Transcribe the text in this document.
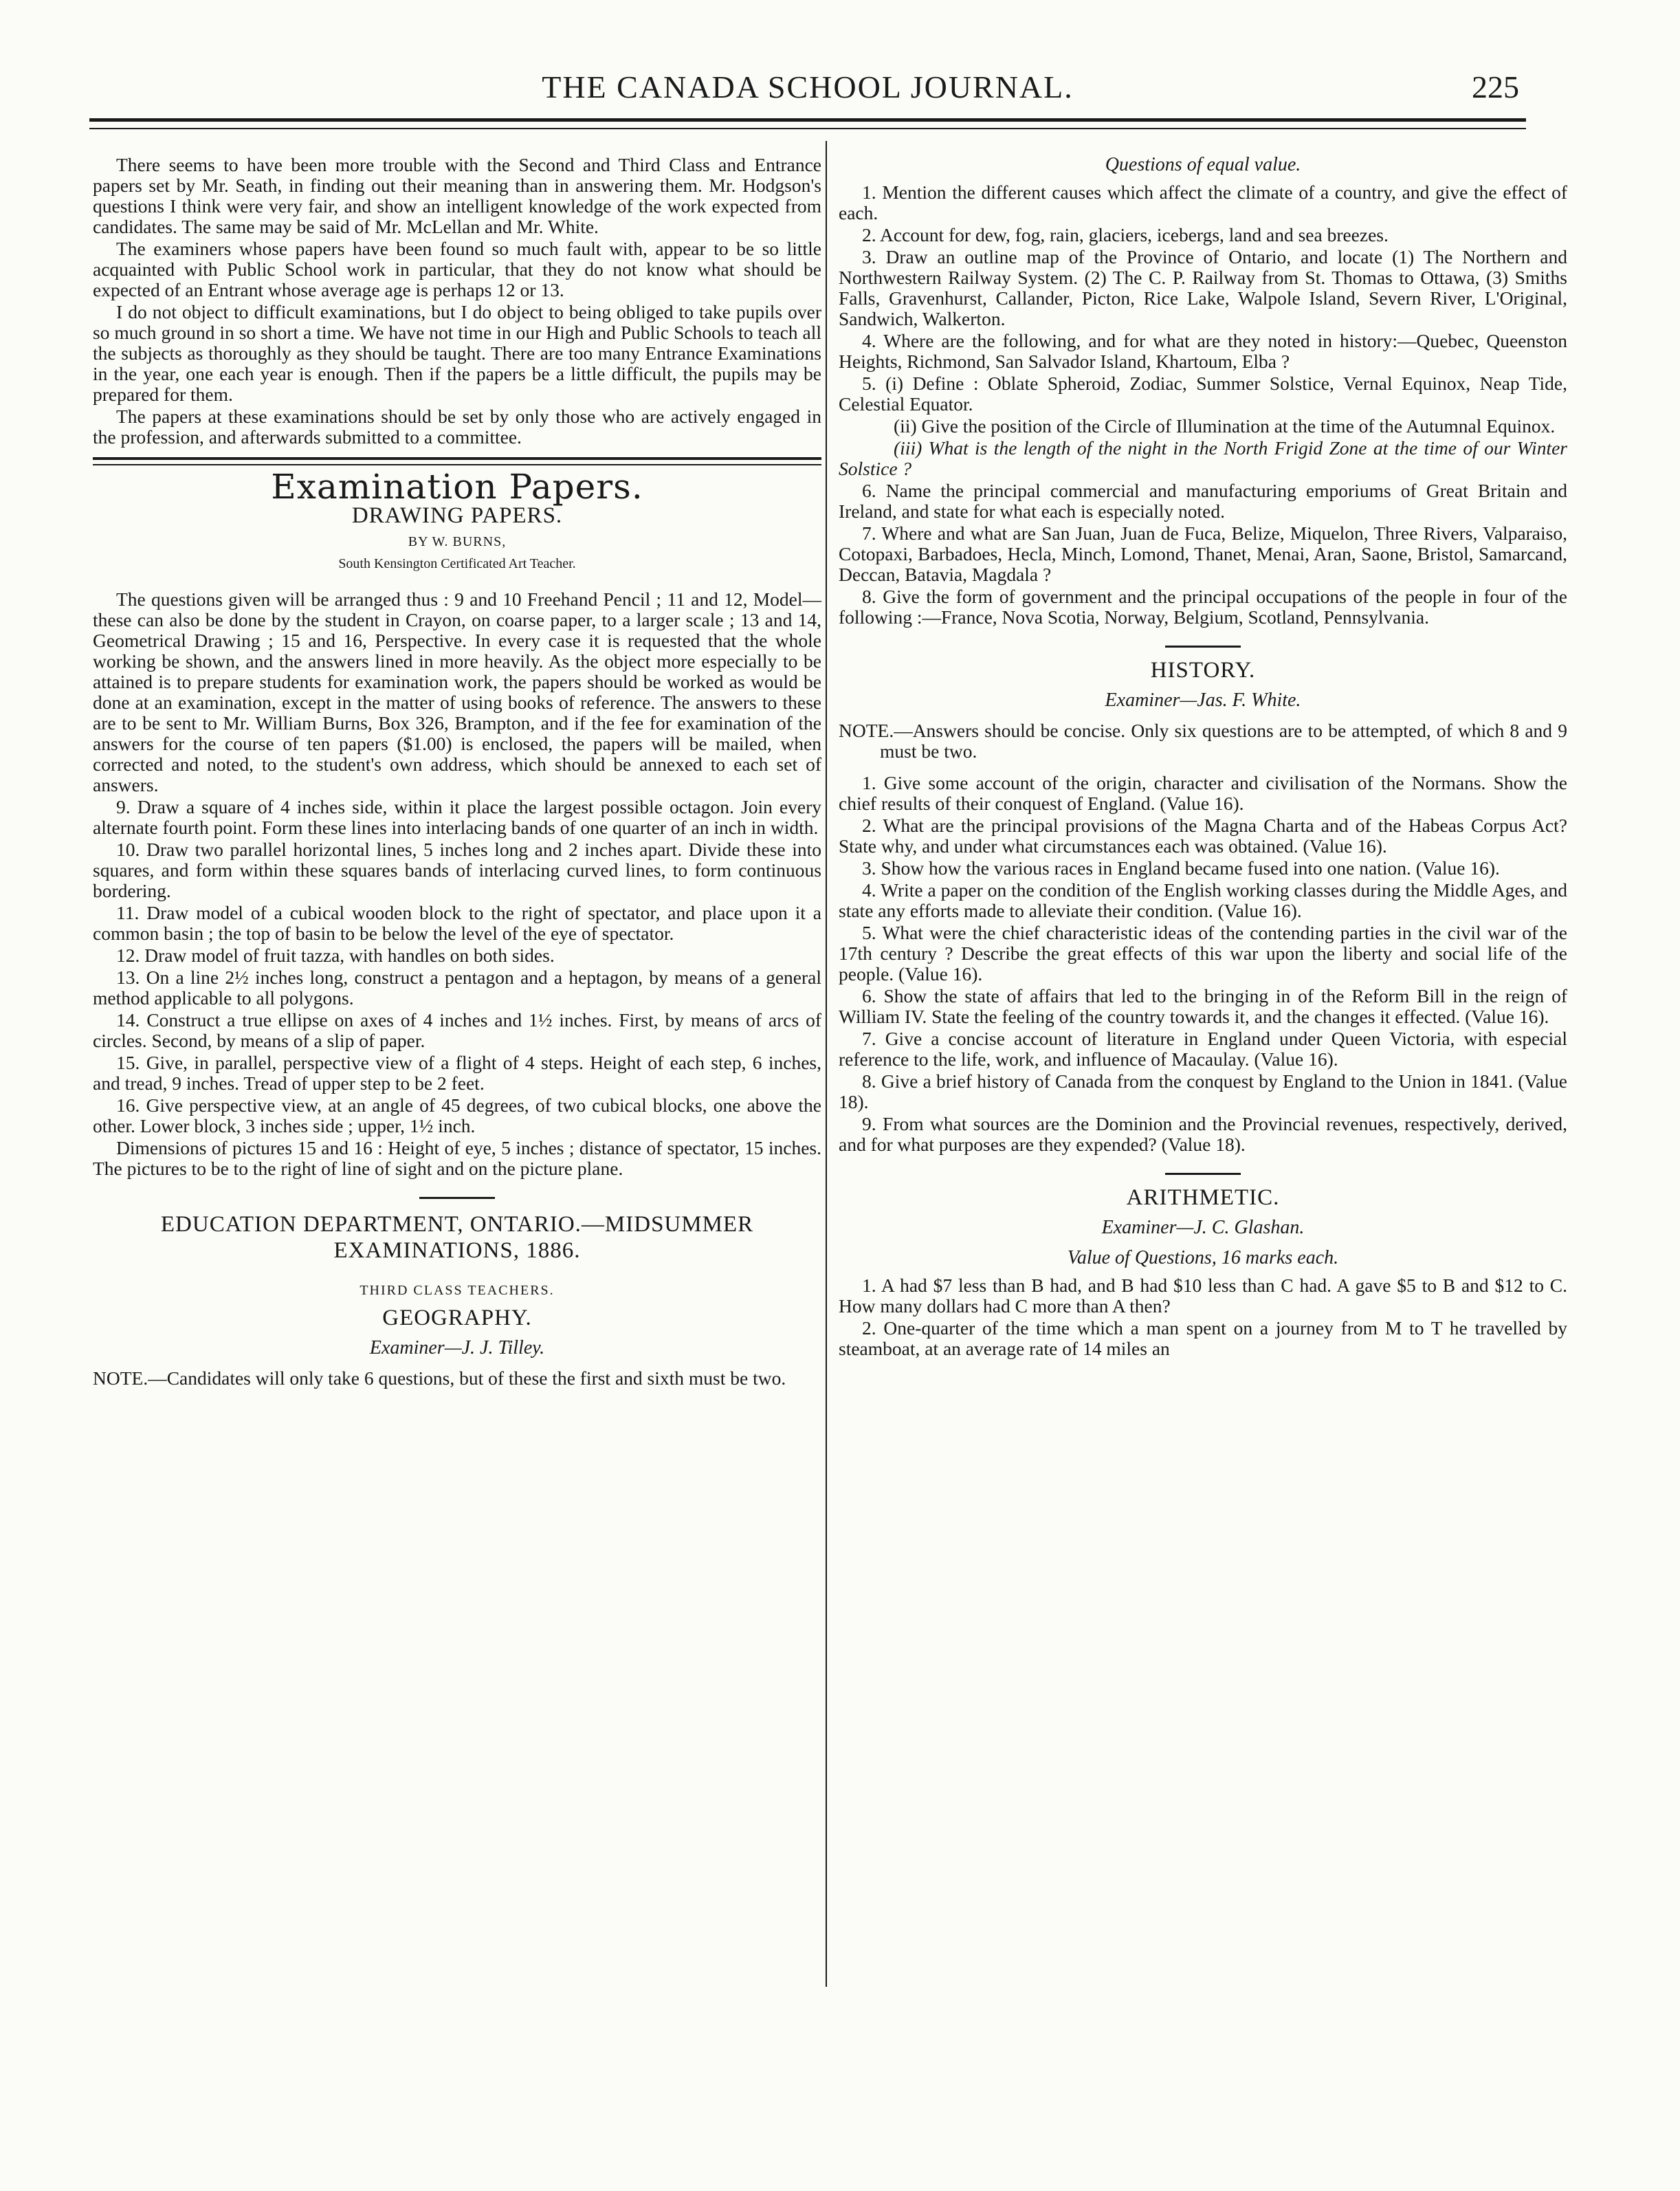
THE CANADA SCHOOL JOURNAL.	225

There seems to have been more trouble with the Second and Third Class and Entrance papers set by Mr. Seath, in finding out their meaning than in answering them. Mr. Hodgson's questions I think were very fair, and show an intelligent knowledge of the work expected from candidates. The same may be said of Mr. McLellan and Mr. White.

The examiners whose papers have been found so much fault with, appear to be so little acquainted with Public School work in particular, that they do not know what should be expected of an Entrant whose average age is perhaps 12 or 13.

I do not object to difficult examinations, but I do object to being obliged to take pupils over so much ground in so short a time. We have not time in our High and Public Schools to teach all the subjects as thoroughly as they should be taught. There are too many Entrance Examinations in the year, one each year is enough. Then if the papers be a little difficult, the pupils may be prepared for them.

The papers at these examinations should be set by only those who are actively engaged in the profession, and afterwards submitted to a committee.

Examination Papers.
DRAWING PAPERS.
BY W. BURNS,
South Kensington Certificated Art Teacher.

The questions given will be arranged thus : 9 and 10 Freehand Pencil ; 11 and 12, Model—these can also be done by the student in Crayon, on coarse paper, to a larger scale ; 13 and 14, Geometrical Drawing ; 15 and 16, Perspective. In every case it is requested that the whole working be shown, and the answers lined in more heavily. As the object more especially to be attained is to prepare students for examination work, the papers should be worked as would be done at an examination, except in the matter of using books of reference. The answers to these are to be sent to Mr. William Burns, Box 326, Brampton, and if the fee for examination of the answers for the course of ten papers ($1.00) is enclosed, the papers will be mailed, when corrected and noted, to the student's own address, which should be annexed to each set of answers.

9. Draw a square of 4 inches side, within it place the largest possible octagon. Join every alternate fourth point. Form these lines into interlacing bands of one quarter of an inch in width.

10. Draw two parallel horizontal lines, 5 inches long and 2 inches apart. Divide these into squares, and form within these squares bands of interlacing curved lines, to form continuous bordering.

11. Draw model of a cubical wooden block to the right of spectator, and place upon it a common basin ; the top of basin to be below the level of the eye of spectator.

12. Draw model of fruit tazza, with handles on both sides.

13. On a line 2½ inches long, construct a pentagon and a heptagon, by means of a general method applicable to all polygons.

14. Construct a true ellipse on axes of 4 inches and 1½ inches. First, by means of arcs of circles. Second, by means of a slip of paper.

15. Give, in parallel, perspective view of a flight of 4 steps. Height of each step, 6 inches, and tread, 9 inches. Tread of upper step to be 2 feet.

16. Give perspective view, at an angle of 45 degrees, of two cubical blocks, one above the other. Lower block, 3 inches side ; upper, 1½ inch.

Dimensions of pictures 15 and 16 : Height of eye, 5 inches ; distance of spectator, 15 inches. The pictures to be to the right of line of sight and on the picture plane.

EDUCATION DEPARTMENT, ONTARIO.—MIDSUMMER EXAMINATIONS, 1886.
THIRD CLASS TEACHERS.
GEOGRAPHY.
Examiner—J. J. Tilley.

NOTE.—Candidates will only take 6 questions, but of these the first and sixth must be two.

Questions of equal value.

1. Mention the different causes which affect the climate of a country, and give the effect of each.

2. Account for dew, fog, rain, glaciers, icebergs, land and sea breezes.

3. Draw an outline map of the Province of Ontario, and locate (1) The Northern and Northwestern Railway System. (2) The C. P. Railway from St. Thomas to Ottawa, (3) Smiths Falls, Gravenhurst, Callander, Picton, Rice Lake, Walpole Island, Severn River, L'Original, Sandwich, Walkerton.

4. Where are the following, and for what are they noted in history:—Quebec, Queenston Heights, Richmond, San Salvador Island, Khartoum, Elba ?

5. (i) Define : Oblate Spheroid, Zodiac, Summer Solstice, Vernal Equinox, Neap Tide, Celestial Equator.

(ii) Give the position of the Circle of Illumination at the time of the Autumnal Equinox.

(iii) What is the length of the night in the North Frigid Zone at the time of our Winter Solstice ?

6. Name the principal commercial and manufacturing emporiums of Great Britain and Ireland, and state for what each is especially noted.

7. Where and what are San Juan, Juan de Fuca, Belize, Miquelon, Three Rivers, Valparaiso, Cotopaxi, Barbadoes, Hecla, Minch, Lomond, Thanet, Menai, Aran, Saone, Bristol, Samarcand, Deccan, Batavia, Magdala ?

8. Give the form of government and the principal occupations of the people in four of the following :—France, Nova Scotia, Norway, Belgium, Scotland, Pennsylvania.

HISTORY.
Examiner—Jas. F. White.

NOTE.—Answers should be concise. Only six questions are to be attempted, of which 8 and 9 must be two.

1. Give some account of the origin, character and civilisation of the Normans. Show the chief results of their conquest of England. (Value 16).

2. What are the principal provisions of the Magna Charta and of the Habeas Corpus Act? State why, and under what circumstances each was obtained. (Value 16).

3. Show how the various races in England became fused into one nation. (Value 16).

4. Write a paper on the condition of the English working classes during the Middle Ages, and state any efforts made to alleviate their condition. (Value 16).

5. What were the chief characteristic ideas of the contending parties in the civil war of the 17th century ? Describe the great effects of this war upon the liberty and social life of the people. (Value 16).

6. Show the state of affairs that led to the bringing in of the Reform Bill in the reign of William IV. State the feeling of the country towards it, and the changes it effected. (Value 16).

7. Give a concise account of literature in England under Queen Victoria, with especial reference to the life, work, and influence of Macaulay. (Value 16).

8. Give a brief history of Canada from the conquest by England to the Union in 1841. (Value 18).

9. From what sources are the Dominion and the Provincial revenues, respectively, derived, and for what purposes are they expended? (Value 18).

ARITHMETIC.
Examiner—J. C. Glashan.
Value of Questions, 16 marks each.

1. A had $7 less than B had, and B had $10 less than C had. A gave $5 to B and $12 to C. How many dollars had C more than A then?

2. One-quarter of the time which a man spent on a journey from M to T he travelled by steamboat, at an average rate of 14 miles an
